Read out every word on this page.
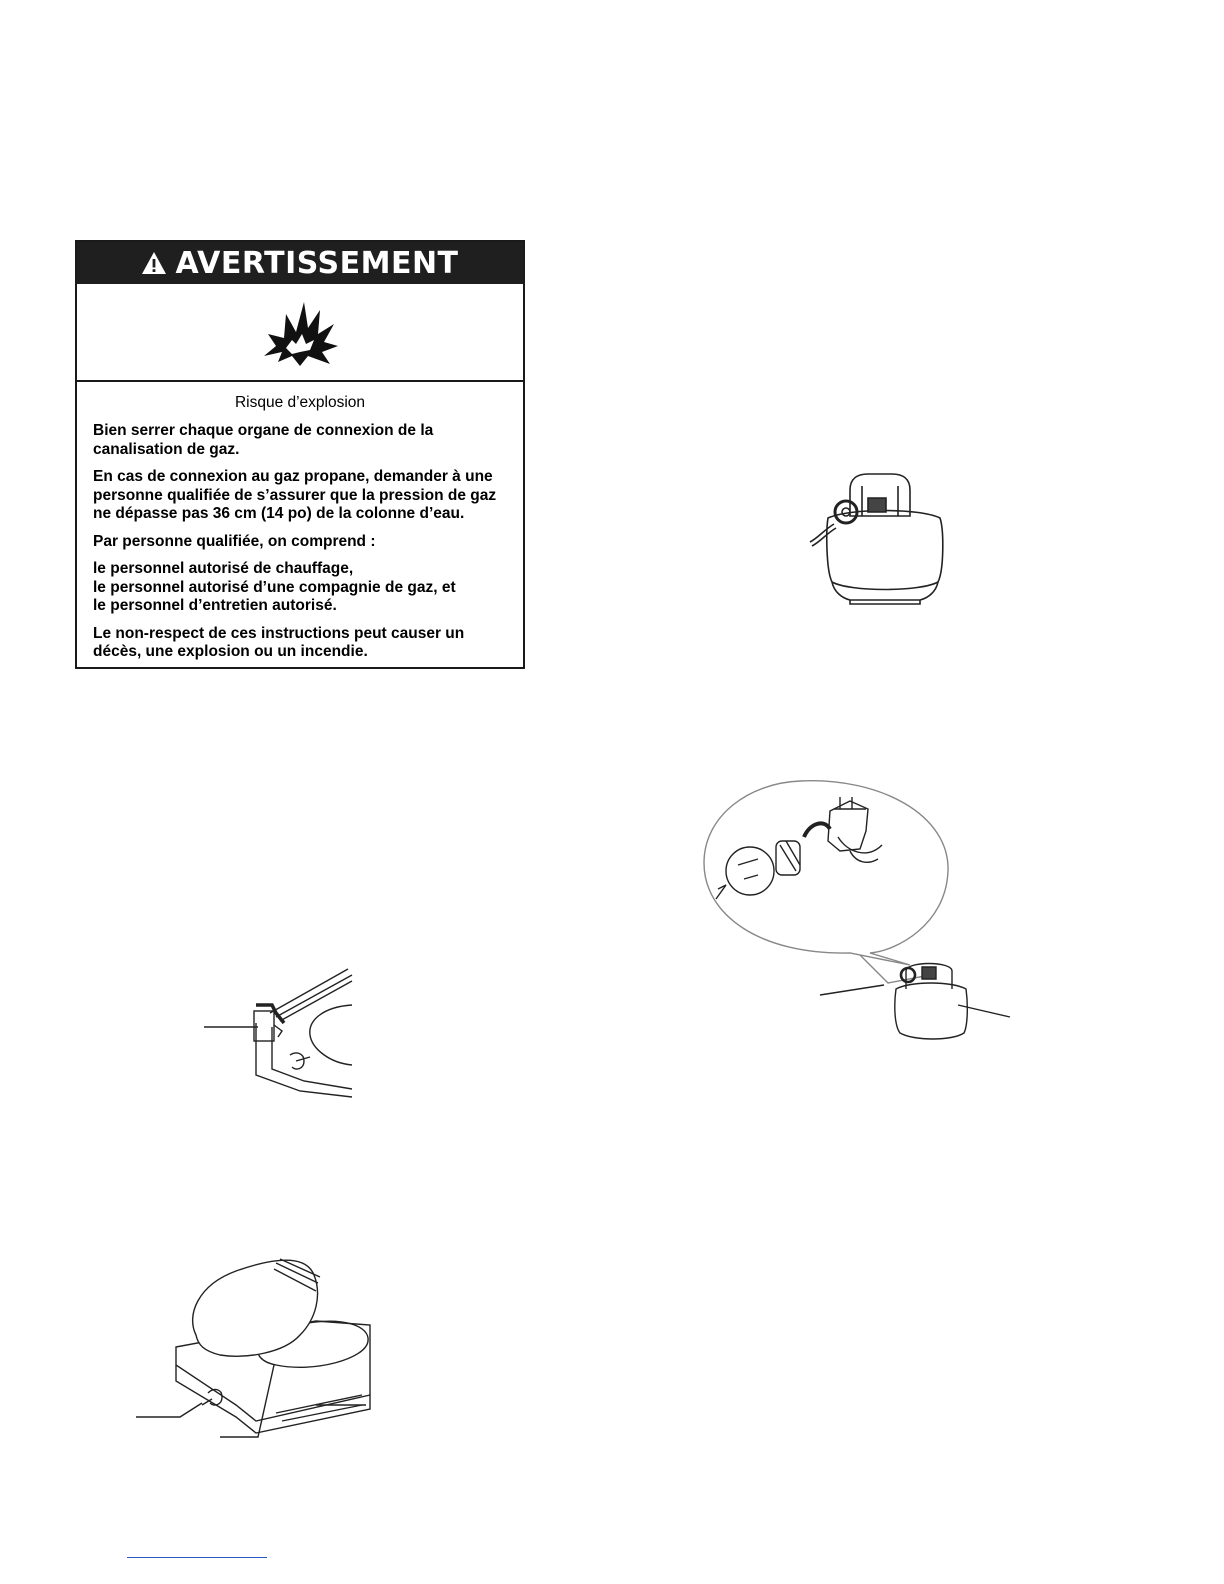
AVERTISSEMENT
Risque d’explosion

Bien serrer chaque organe de connexion de la canalisation de gaz.

En cas de connexion au gaz propane, demander à une personne qualifiée de s’assurer que la pression de gaz ne dépasse pas 36 cm (14 po) de la colonne d’eau.

Par personne qualifiée, on comprend :

le personnel autorisé de chauffage,
le personnel autorisé d’une compagnie de gaz, et
le personnel d’entretien autorisé.

Le non-respect de ces instructions peut causer un décès, une explosion ou un incendie.
